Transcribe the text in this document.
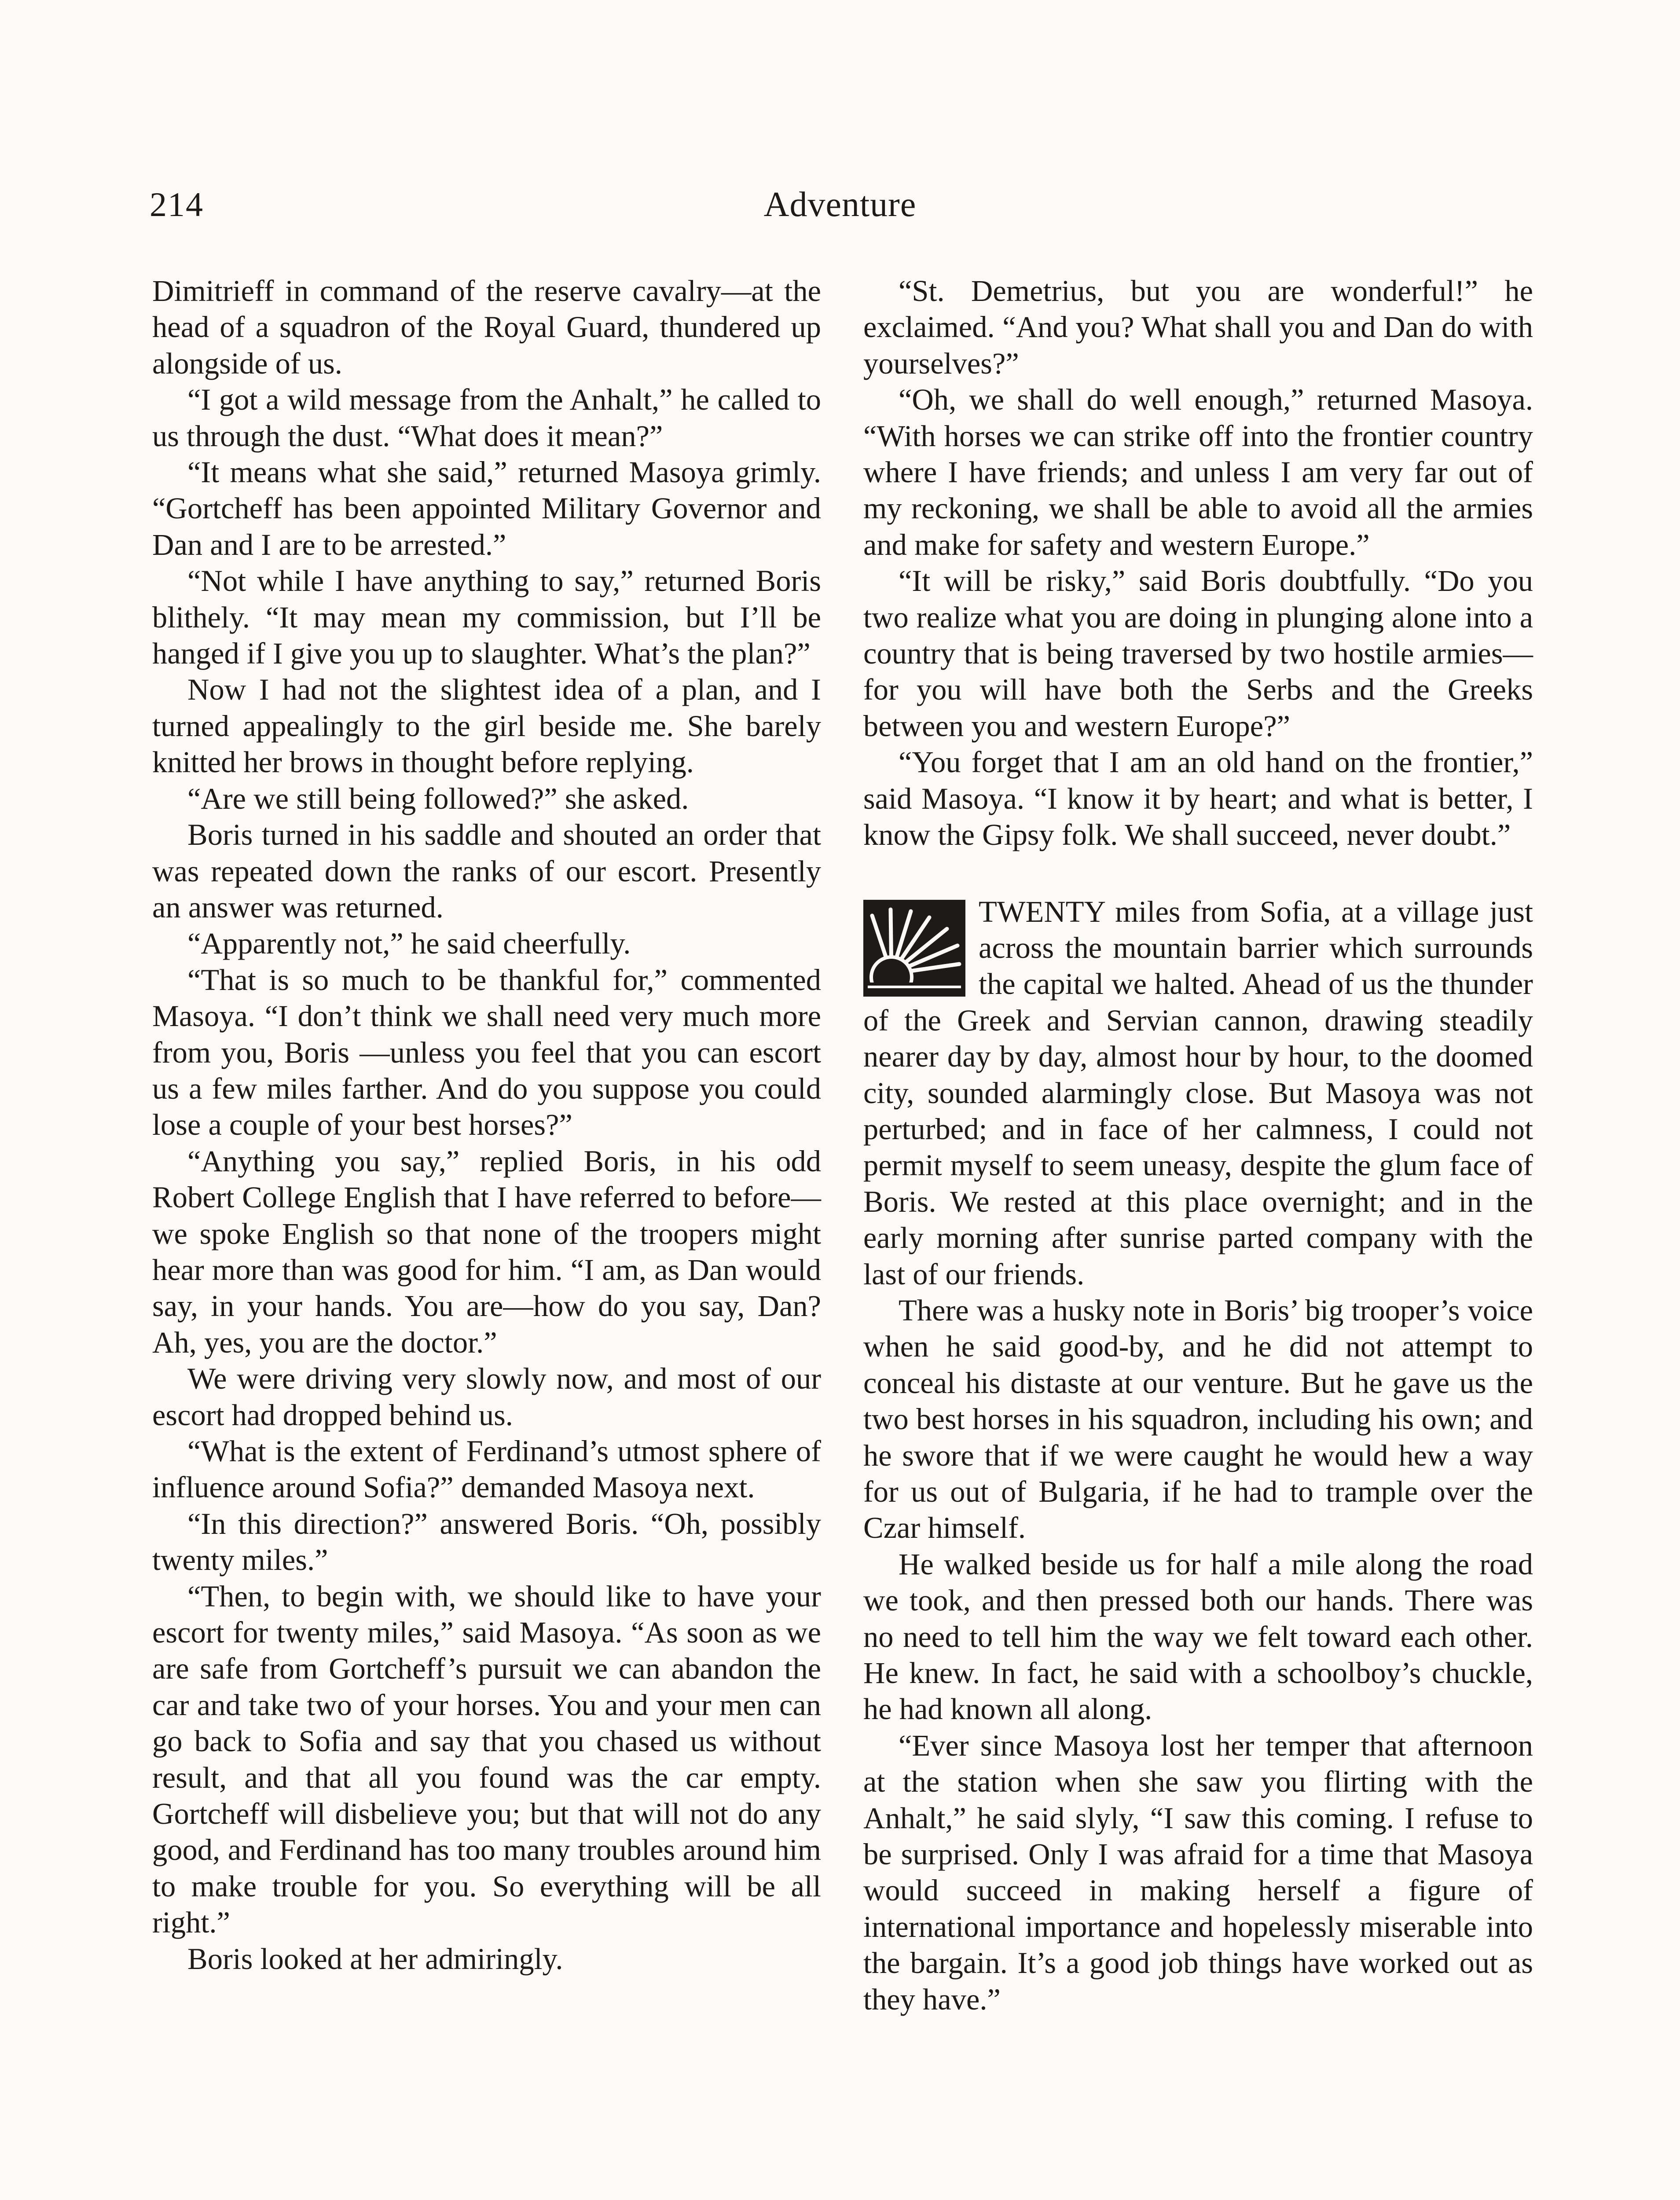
214	Adventure

Dimitrieff in command of the reserve cavalry—at the head of a squadron of the Royal Guard, thundered up alongside of us.

“I got a wild message from the Anhalt,” he called to us through the dust. “What does it mean?”

“It means what she said,” returned Masoya grimly. “Gortcheff has been appointed Military Governor and Dan and I are to be arrested.”

“Not while I have anything to say,” returned Boris blithely. “It may mean my commission, but I’ll be hanged if I give you up to slaughter. What’s the plan?”

Now I had not the slightest idea of a plan, and I turned appealingly to the girl beside me. She barely knitted her brows in thought before replying.

“Are we still being followed?” she asked.

Boris turned in his saddle and shouted an order that was repeated down the ranks of our escort. Presently an answer was returned.

“Apparently not,” he said cheerfully.

“That is so much to be thankful for,” commented Masoya. “I don’t think we shall need very much more from you, Boris —unless you feel that you can escort us a few miles farther. And do you suppose you could lose a couple of your best horses?”

“Anything you say,” replied Boris, in his odd Robert College English that I have referred to before—we spoke English so that none of the troopers might hear more than was good for him. “I am, as Dan would say, in your hands. You are—how do you say, Dan? Ah, yes, you are the doctor.”

We were driving very slowly now, and most of our escort had dropped behind us.

“What is the extent of Ferdinand’s utmost sphere of influence around Sofia?” demanded Masoya next.

“In this direction?” answered Boris. “Oh, possibly twenty miles.”

“Then, to begin with, we should like to have your escort for twenty miles,” said Masoya. “As soon as we are safe from Gortcheff’s pursuit we can abandon the car and take two of your horses. You and your men can go back to Sofia and say that you chased us without result, and that all you found was the car empty. Gortcheff will disbelieve you; but that will not do any good, and Ferdinand has too many troubles around him to make trouble for you. So everything will be all right.”

Boris looked at her admiringly.

“St. Demetrius, but you are wonderful!” he exclaimed. “And you? What shall you and Dan do with yourselves?”

“Oh, we shall do well enough,” returned Masoya. “With horses we can strike off into the frontier country where I have friends; and unless I am very far out of my reckoning, we shall be able to avoid all the armies and make for safety and western Europe.”

“It will be risky,” said Boris doubtfully. “Do you two realize what you are doing in plunging alone into a country that is being traversed by two hostile armies—for you will have both the Serbs and the Greeks between you and western Europe?”

“You forget that I am an old hand on the frontier,” said Masoya. “I know it by heart; and what is better, I know the Gipsy folk. We shall succeed, never doubt.”

TWENTY miles from Sofia, at a village just across the mountain barrier which surrounds the capital we halted. Ahead of us the thunder of the Greek and Servian cannon, drawing steadily nearer day by day, almost hour by hour, to the doomed city, sounded alarmingly close. But Masoya was not perturbed; and in face of her calmness, I could not permit myself to seem uneasy, despite the glum face of Boris. We rested at this place overnight; and in the early morning after sunrise parted company with the last of our friends.

There was a husky note in Boris’ big trooper’s voice when he said good-by, and he did not attempt to conceal his distaste at our venture. But he gave us the two best horses in his squadron, including his own; and he swore that if we were caught he would hew a way for us out of Bulgaria, if he had to trample over the Czar himself.

He walked beside us for half a mile along the road we took, and then pressed both our hands. There was no need to tell him the way we felt toward each other. He knew. In fact, he said with a schoolboy’s chuckle, he had known all along.

“Ever since Masoya lost her temper that afternoon at the station when she saw you flirting with the Anhalt,” he said slyly, “I saw this coming. I refuse to be surprised. Only I was afraid for a time that Masoya would succeed in making herself a figure of international importance and hopelessly miserable into the bargain. It’s a good job things have worked out as they have.”
